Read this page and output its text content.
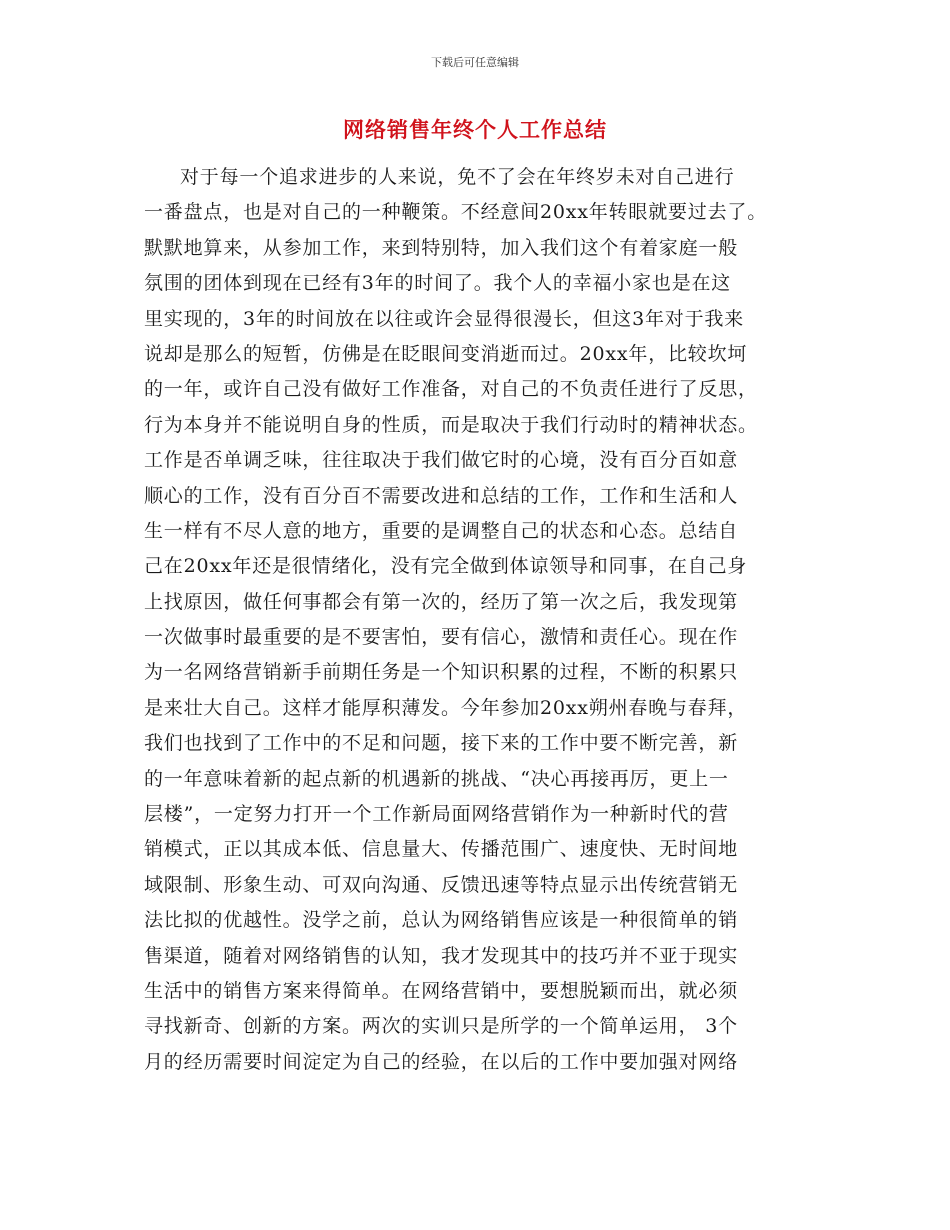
下载后可任意编辑
网络销售年终个人工作总结
对于每一个追求进步的人来说，免不了会在年终岁未对自己进行
一番盘点，也是对自己的一种鞭策。不经意间20xx年转眼就要过去了。
默默地算来，从参加工作，来到特别特，加入我们这个有着家庭一般
氛围的团体到现在已经有3年的时间了。我个人的幸福小家也是在这
里实现的，3年的时间放在以往或许会显得很漫长，但这3年对于我来
说却是那么的短暂，仿佛是在眨眼间变消逝而过。20xx年，比较坎坷
的一年，或许自己没有做好工作准备，对自己的不负责任进行了反思，
行为本身并不能说明自身的性质，而是取决于我们行动时的精神状态。
工作是否单调乏味，往往取决于我们做它时的心境，没有百分百如意
顺心的工作，没有百分百不需要改进和总结的工作，工作和生活和人
生一样有不尽人意的地方，重要的是调整自己的状态和心态。总结自
己在20xx年还是很情绪化，没有完全做到体谅领导和同事，在自己身
上找原因，做任何事都会有第一次的，经历了第一次之后，我发现第
一次做事时最重要的是不要害怕，要有信心，激情和责任心。现在作
为一名网络营销新手前期任务是一个知识积累的过程，不断的积累只
是来壮大自己。这样才能厚积薄发。今年参加20xx朔州春晚与春拜，
我们也找到了工作中的不足和问题，接下来的工作中要不断完善，新
的一年意味着新的起点新的机遇新的挑战、“决心再接再厉，更上一
层楼”，一定努力打开一个工作新局面网络营销作为一种新时代的营
销模式，正以其成本低、信息量大、传播范围广、速度快、无时间地
域限制、形象生动、可双向沟通、反馈迅速等特点显示出传统营销无
法比拟的优越性。没学之前，总认为网络销售应该是一种很简单的销
售渠道，随着对网络销售的认知，我才发现其中的技巧并不亚于现实
生活中的销售方案来得简单。在网络营销中，要想脱颖而出，就必须
寻找新奇、创新的方案。两次的实训只是所学的一个简单运用， 3个
月的经历需要时间淀定为自己的经验，在以后的工作中要加强对网络
